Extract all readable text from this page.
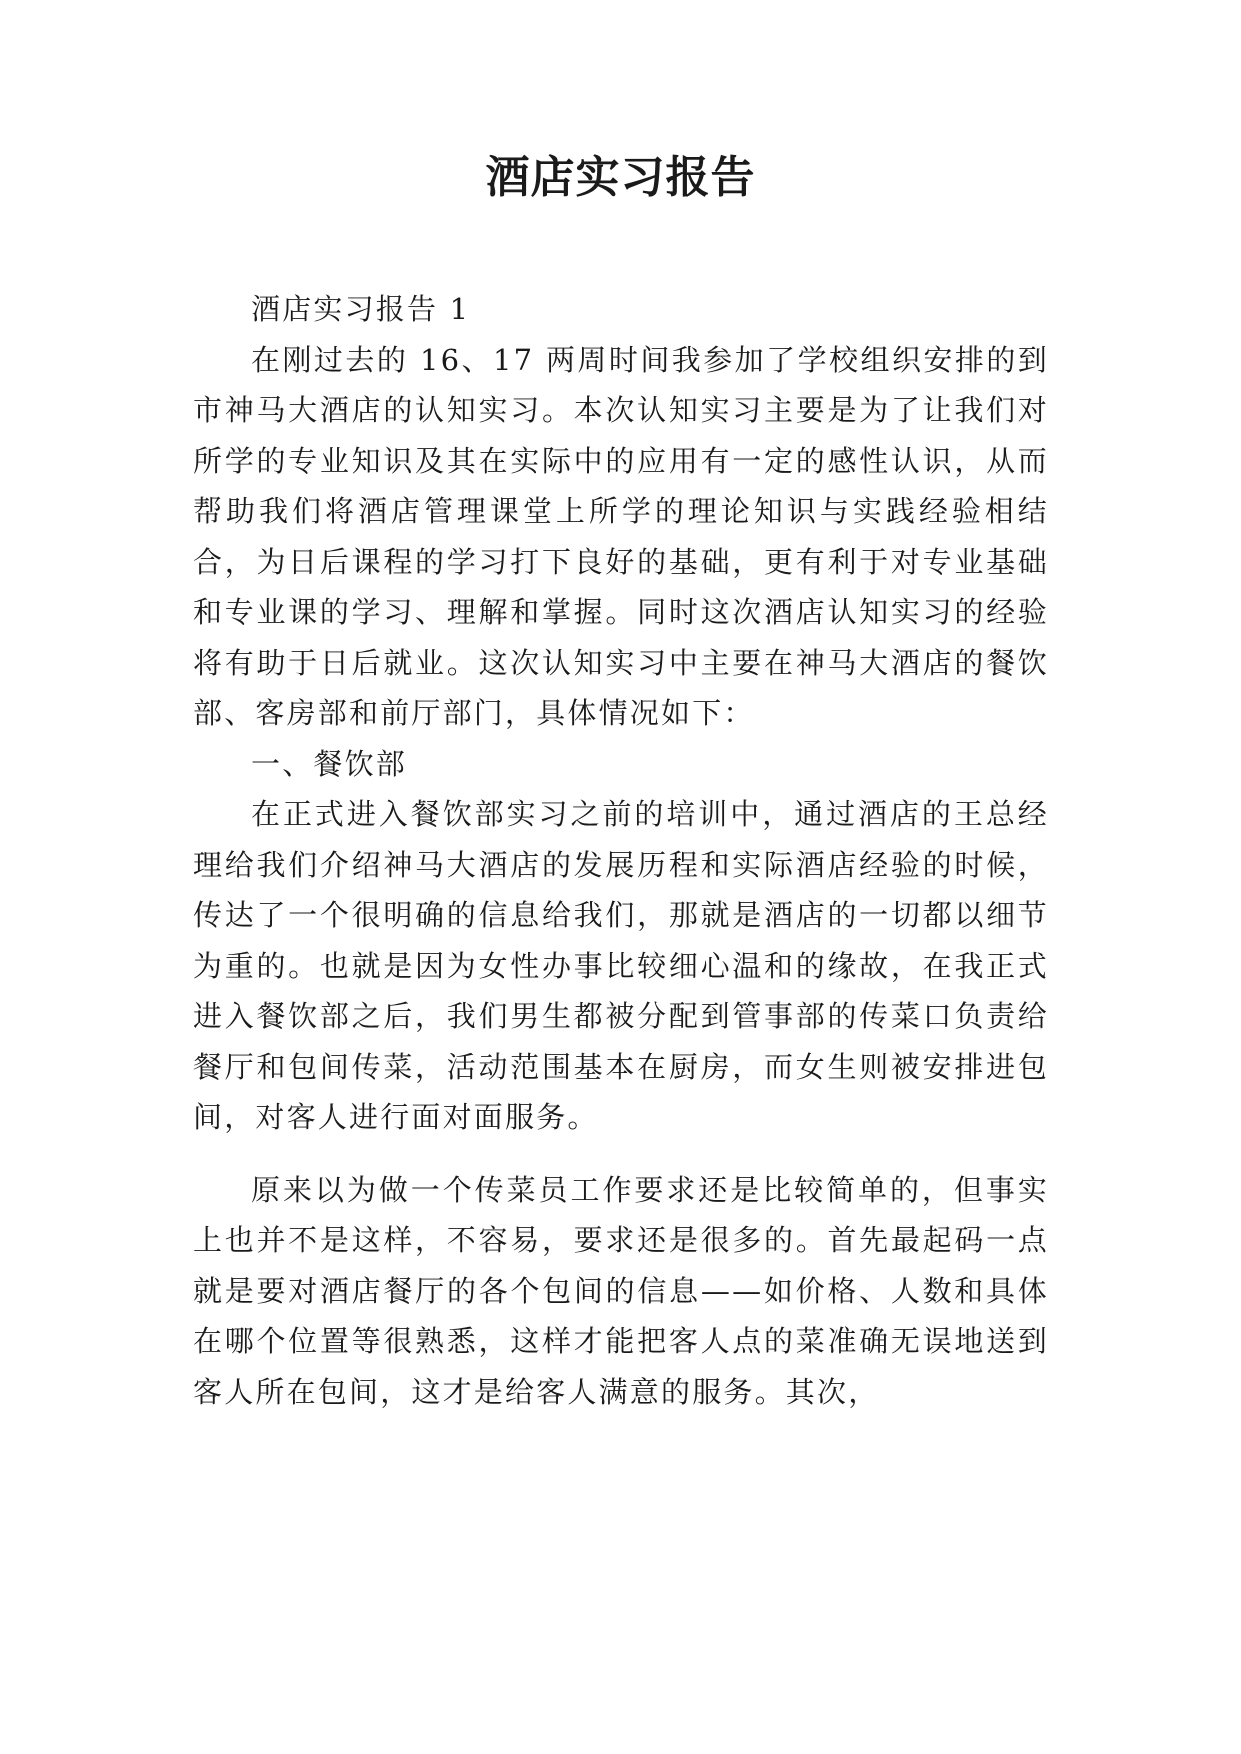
酒店实习报告

酒店实习报告 1

在刚过去的 16、17 两周时间我参加了学校组织安排的到市神马大酒店的认知实习。本次认知实习主要是为了让我们对所学的专业知识及其在实际中的应用有一定的感性认识，从而帮助我们将酒店管理课堂上所学的理论知识与实践经验相结合，为日后课程的学习打下良好的基础，更有利于对专业基础和专业课的学习、理解和掌握。同时这次酒店认知实习的经验将有助于日后就业。这次认知实习中主要在神马大酒店的餐饮部、客房部和前厅部门，具体情况如下：

一、餐饮部

在正式进入餐饮部实习之前的培训中，通过酒店的王总经理给我们介绍神马大酒店的发展历程和实际酒店经验的时候，传达了一个很明确的信息给我们，那就是酒店的一切都以细节为重的。也就是因为女性办事比较细心温和的缘故，在我正式进入餐饮部之后，我们男生都被分配到管事部的传菜口负责给餐厅和包间传菜，活动范围基本在厨房，而女生则被安排进包间，对客人进行面对面服务。

原来以为做一个传菜员工作要求还是比较简单的，但事实上也并不是这样，不容易，要求还是很多的。首先最起码一点就是要对酒店餐厅的各个包间的信息——如价格、人数和具体在哪个位置等很熟悉，这样才能把客人点的菜准确无误地送到客人所在包间，这才是给客人满意的服务。其次，
